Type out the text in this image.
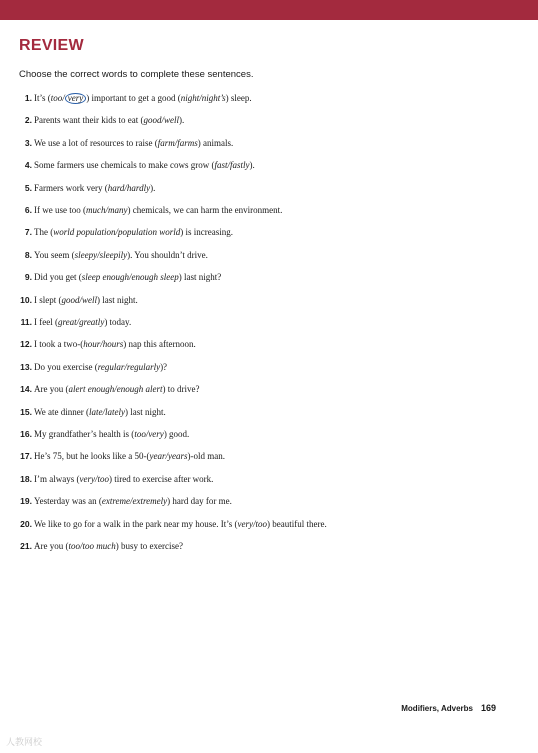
REVIEW
Choose the correct words to complete these sentences.
1. It’s (too/ very ) important to get a good (night/night’s) sleep.
2. Parents want their kids to eat (good/well).
3. We use a lot of resources to raise (farm/farms) animals.
4. Some farmers use chemicals to make cows grow (fast/fastly).
5. Farmers work very (hard/hardly).
6. If we use too (much/many) chemicals, we can harm the environment.
7. The (world population/population world) is increasing.
8. You seem (sleepy/sleepily). You shouldn’t drive.
9. Did you get (sleep enough/enough sleep) last night?
10. I slept (good/well) last night.
11. I feel (great/greatly) today.
12. I took a two-(hour/hours) nap this afternoon.
13. Do you exercise (regular/regularly)?
14. Are you (alert enough/enough alert) to drive?
15. We ate dinner (late/lately) last night.
16. My grandfather’s health is (too/very) good.
17. He’s 75, but he looks like a 50-(year/years)-old man.
18. I’m always (very/too) tired to exercise after work.
19. Yesterday was an (extreme/extremely) hard day for me.
20. We like to go for a walk in the park near my house. It’s (very/too) beautiful there.
21. Are you (too/too much) busy to exercise?
Modifiers, Adverbs 169
人教网校
